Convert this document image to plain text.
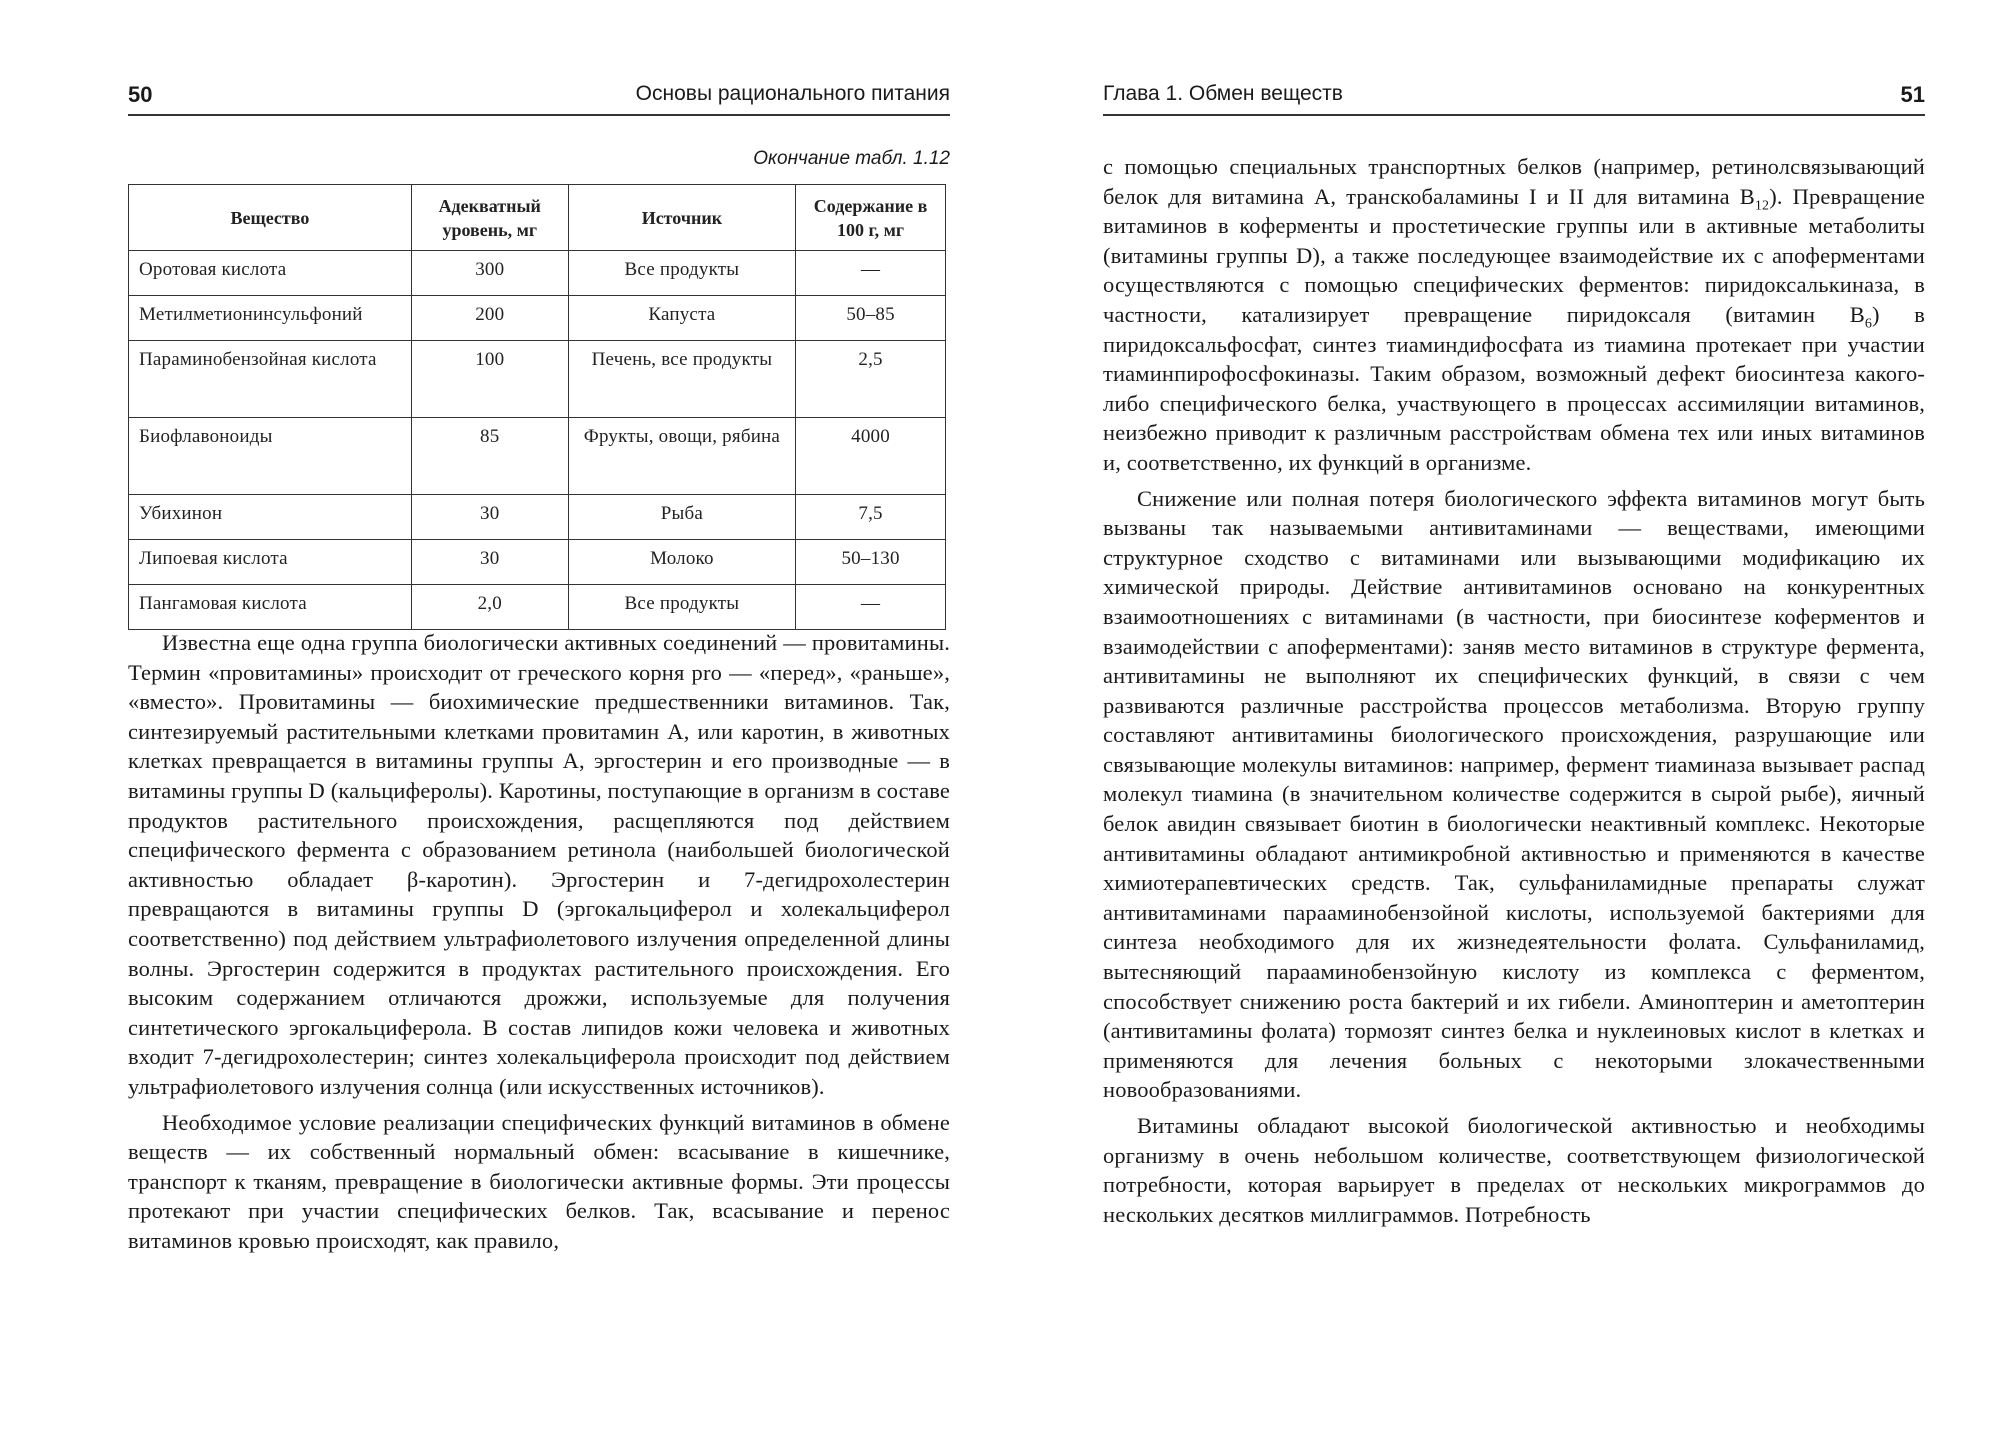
50	Основы рационального питания
Окончание табл. 1.12
Вещество	Адекватный уровень, мг	Источник	Содержание в 100 г, мг
Оротовая кислота	300	Все продукты	—
Метилметионинсульфоний	200	Капуста	50–85
Параминобензойная кислота	100	Печень, все продукты	2,5
Биофлавоноиды	85	Фрукты, овощи, рябина	4000
Убихинон	30	Рыба	7,5
Липоевая кислота	30	Молоко	50–130
Пангамовая кислота	2,0	Все продукты	—

Известна еще одна группа биологически активных соединений — провитамины. Термин «провитамины» происходит от греческого корня pro — «перед», «раньше», «вместо». Провитамины — биохимические предшественники витаминов. Так, синтезируемый растительными клетками провитамин А, или каротин, в животных клетках превращается в витамины группы А, эргостерин и его производные — в витамины группы D (кальциферолы). Каротины, поступающие в организм в составе продуктов растительного происхождения, расщепляются под действием специфического фермента с образованием ретинола (наибольшей биологической активностью обладает β-каротин). Эргостерин и 7-дегидрохолестерин превращаются в витамины группы D (эргокальциферол и холекальциферол соответственно) под действием ультрафиолетового излучения определенной длины волны. Эргостерин содержится в продуктах растительного происхождения. Его высоким содержанием отличаются дрожжи, используемые для получения синтетического эргокальциферола. В состав липидов кожи человека и животных входит 7-дегидрохолестерин; синтез холекальциферола происходит под действием ультрафиолетового излучения солнца (или искусственных источников).

Необходимое условие реализации специфических функций витаминов в обмене веществ — их собственный нормальный обмен: всасывание в кишечнике, транспорт к тканям, превращение в биологически активные формы. Эти процессы протекают при участии специфических белков. Так, всасывание и перенос витаминов кровью происходят, как правило,

Глава 1. Обмен веществ	51

с помощью специальных транспортных белков (например, ретинолсвязывающий белок для витамина А, транскобаламины I и II для витамина $B_{12}$). Превращение витаминов в коферменты и простетические группы или в активные метаболиты (витамины группы D), а также последующее взаимодействие их с апоферментами осуществляются с помощью специфических ферментов: пиридоксалькиназа, в частности, катализирует превращение пиридоксаля (витамин $B_6$) в пиридоксальфосфат, синтез тиаминдифосфата из тиамина протекает при участии тиаминпирофосфокиназы. Таким образом, возможный дефект биосинтеза какого-либо специфического белка, участвующего в процессах ассимиляции витаминов, неизбежно приводит к различным расстройствам обмена тех или иных витаминов и, соответственно, их функций в организме.

Снижение или полная потеря биологического эффекта витаминов могут быть вызваны так называемыми антивитаминами — веществами, имеющими структурное сходство с витаминами или вызывающими модификацию их химической природы. Действие антивитаминов основано на конкурентных взаимоотношениях с витаминами (в частности, при биосинтезе коферментов и взаимодействии с апоферментами): заняв место витаминов в структуре фермента, антивитамины не выполняют их специфических функций, в связи с чем развиваются различные расстройства процессов метаболизма. Вторую группу составляют антивитамины биологического происхождения, разрушающие или связывающие молекулы витаминов: например, фермент тиаминаза вызывает распад молекул тиамина (в значительном количестве содержится в сырой рыбе), яичный белок авидин связывает биотин в биологически неактивный комплекс. Некоторые антивитамины обладают антимикробной активностью и применяются в качестве химиотерапевтических средств. Так, сульфаниламидные препараты служат антивитаминами парааминобензойной кислоты, используемой бактериями для синтеза необходимого для их жизнедеятельности фолата. Сульфаниламид, вытесняющий парааминобензойную кислоту из комплекса с ферментом, способствует снижению роста бактерий и их гибели. Аминоптерин и аметоптерин (антивитамины фолата) тормозят синтез белка и нуклеиновых кислот в клетках и применяются для лечения больных с некоторыми злокачественными новообразованиями.

Витамины обладают высокой биологической активностью и необходимы организму в очень небольшом количестве, соответствующем физиологической потребности, которая варьирует в пределах от нескольких микрограммов до нескольких десятков миллиграммов. Потребность
